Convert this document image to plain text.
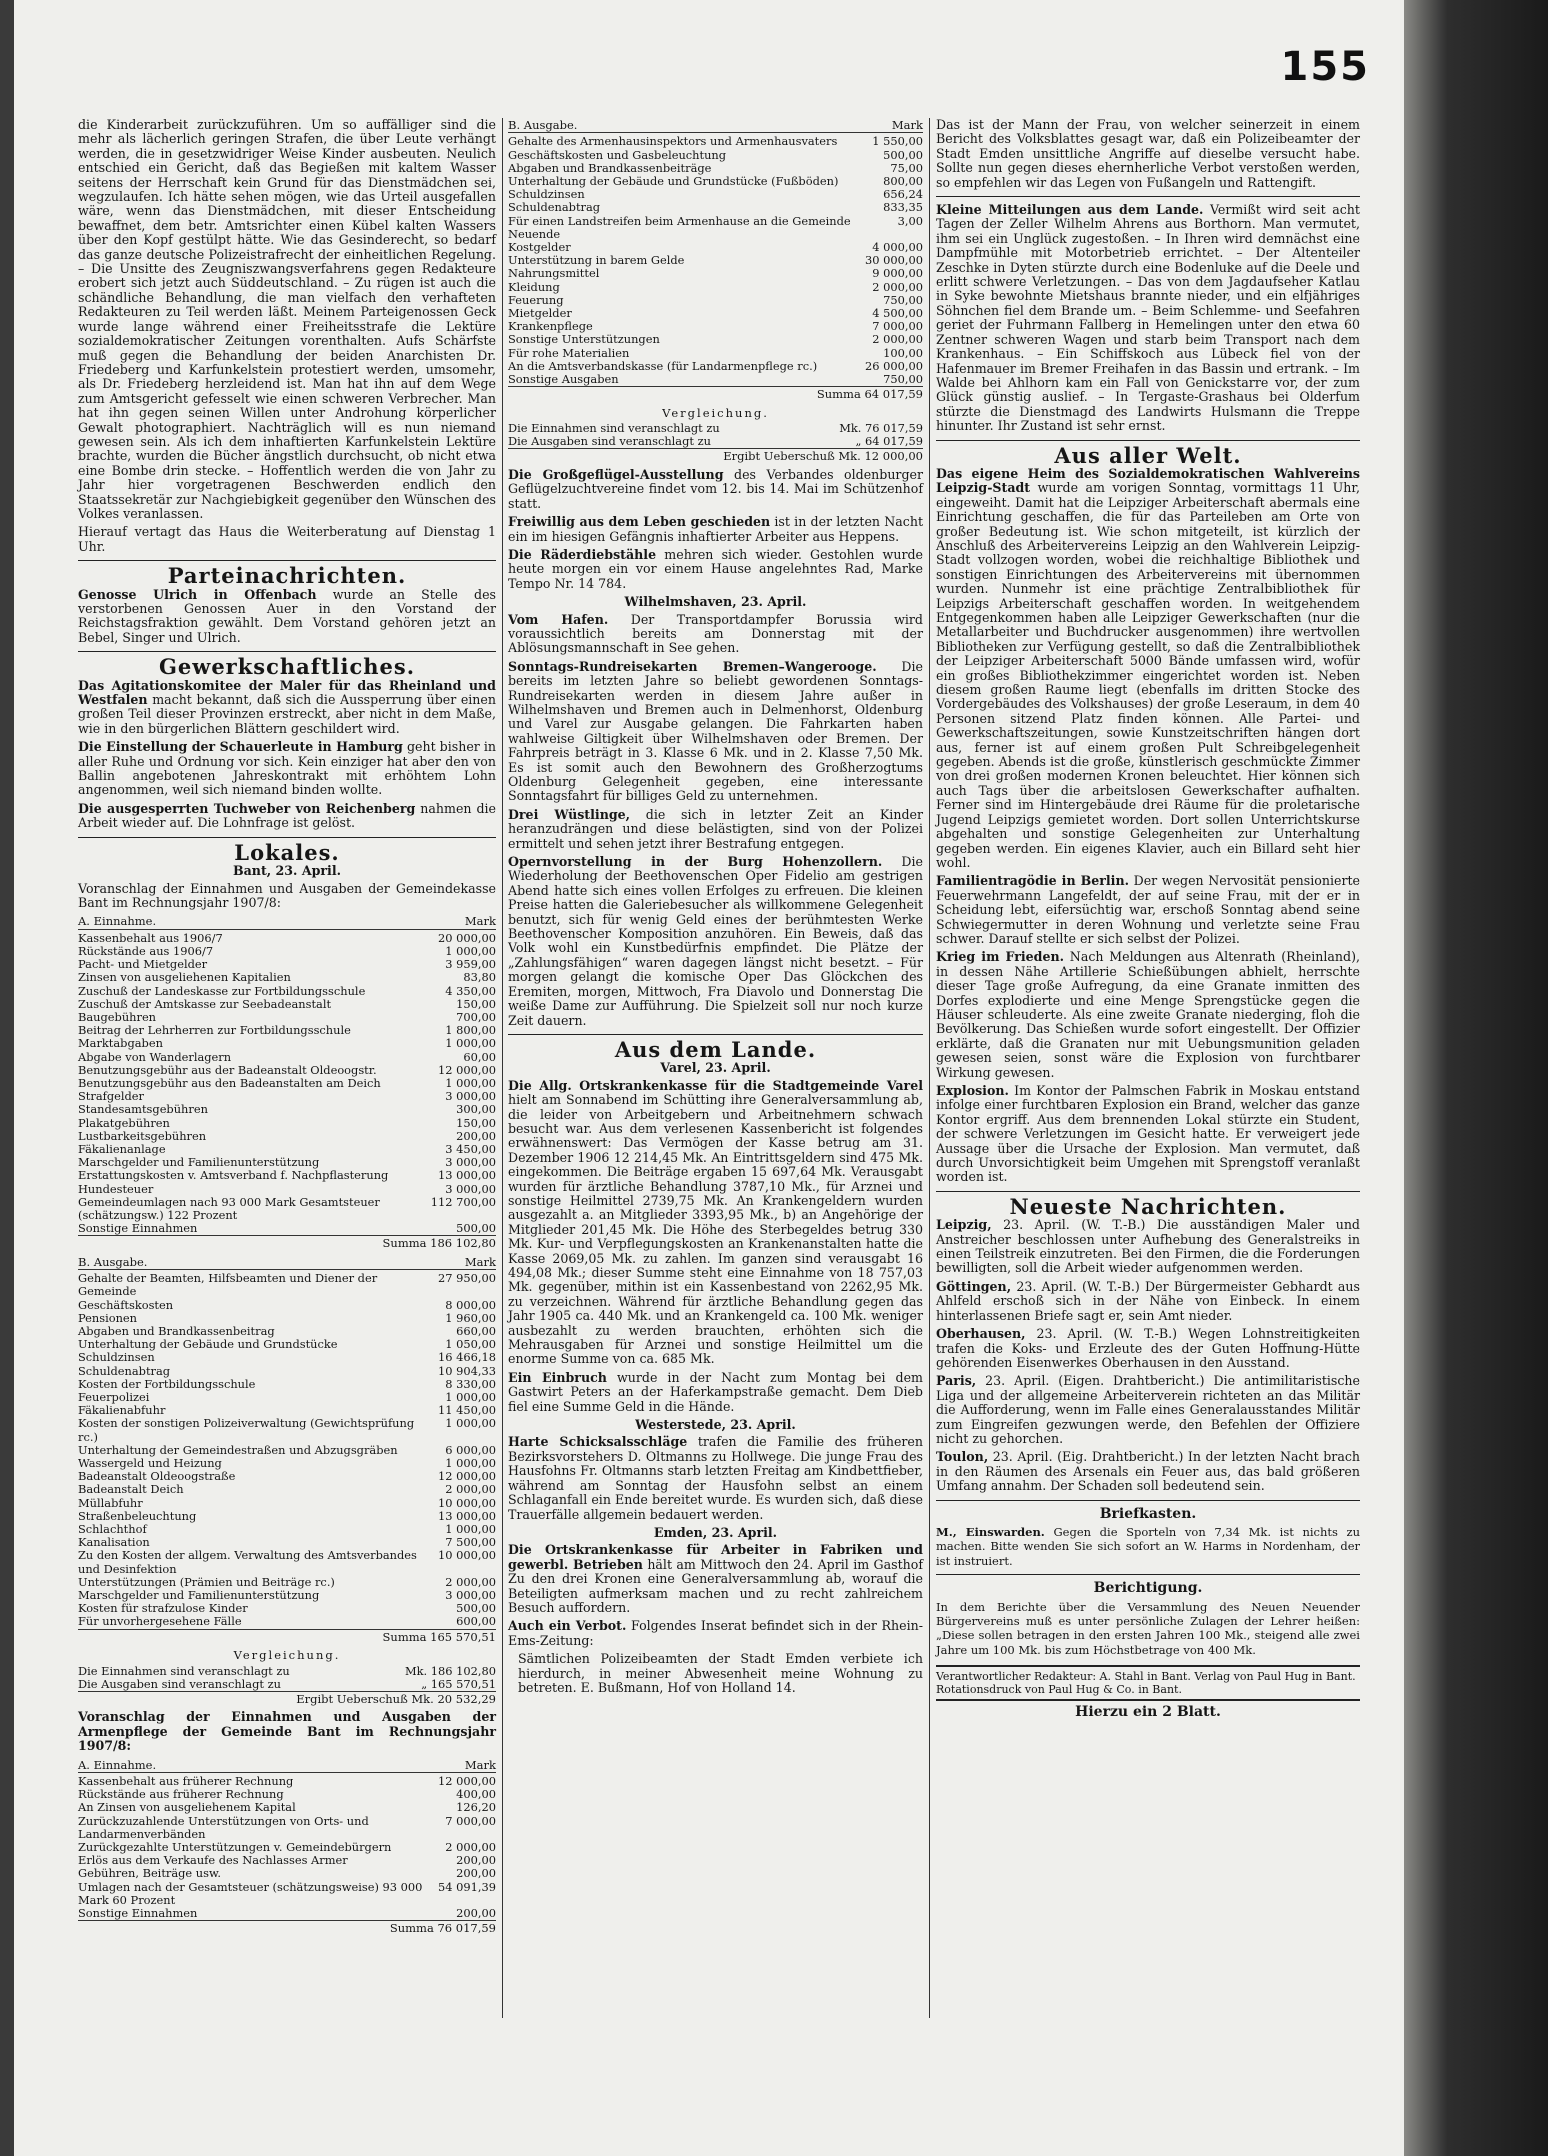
155

die Kinderarbeit zurückzuführen. Um so auffälliger sind die mehr als lächerlich geringen Strafen, die über Leute verhängt werden, die in gesetzwidriger Weise Kinder ausbeuten. Neulich entschied ein Gericht, daß das Begießen mit kaltem Wasser seitens der Herrschaft kein Grund für das Dienstmädchen sei, wegzulaufen. Ich hätte sehen mögen, wie das Urteil ausgefallen wäre, wenn das Dienstmädchen, mit dieser Entscheidung bewaffnet, dem betr. Amtsrichter einen Kübel kalten Wassers über den Kopf gestülpt hätte. Wie das Gesinderecht, so bedarf das ganze deutsche Polizeistrafrecht der einheitlichen Regelung. – Die Unsitte des Zeugniszwangsverfahrens gegen Redakteure erobert sich jetzt auch Süddeutschland. – Zu rügen ist auch die schändliche Behandlung, die man vielfach den verhafteten Redakteuren zu Teil werden läßt. Meinem Parteigenossen Geck wurde lange während einer Freiheitsstrafe die Lektüre sozialdemokratischer Zeitungen vorenthalten. Aufs Schärfste muß gegen die Behandlung der beiden Anarchisten Dr. Friedeberg und Karfunkelstein protestiert werden, umsomehr, als Dr. Friedeberg herzleidend ist. Man hat ihn auf dem Wege zum Amtsgericht gefesselt wie einen schweren Verbrecher. Man hat ihn gegen seinen Willen unter Androhung körperlicher Gewalt photographiert. Nachträglich will es nun niemand gewesen sein. Als ich dem inhaftierten Karfunkelstein Lektüre brachte, wurden die Bücher ängstlich durchsucht, ob nicht etwa eine Bombe drin stecke. – Hoffentlich werden die von Jahr zu Jahr hier vorgetragenen Beschwerden endlich den Staatssekretär zur Nachgiebigkeit gegenüber den Wünschen des Volkes veranlassen.

Hierauf vertagt das Haus die Weiterberatung auf Dienstag 1 Uhr.

Parteinachrichten.

Genosse Ulrich in Offenbach wurde an Stelle des verstorbenen Genossen Auer in den Vorstand der Reichstagsfraktion gewählt. Dem Vorstand gehören jetzt an Bebel, Singer und Ulrich.

Gewerkschaftliches.

Das Agitationskomitee der Maler für das Rheinland und Westfalen macht bekannt, daß sich die Aussperrung über einen großen Teil dieser Provinzen erstreckt, aber nicht in dem Maße, wie in den bürgerlichen Blättern geschildert wird.

Die Einstellung der Schauerleute in Hamburg geht bisher in aller Ruhe und Ordnung vor sich. Kein einziger hat aber den von Ballin angebotenen Jahreskontrakt mit erhöhtem Lohn angenommen, weil sich niemand binden wollte.

Die ausgesperrten Tuchweber von Reichenberg nahmen die Arbeit wieder auf. Die Lohnfrage ist gelöst.

Lokales.
Bant, 23. April.

Voranschlag der Einnahmen und Ausgaben der Gemeindekasse Bant im Rechnungsjahr 1907/8:

A. Einnahme.	Mark
Kassenbehalt aus 1906/7	20 000,00
Rückstände aus 1906/7	1 000,00
Pacht- und Mietgelder	3 959,00
Zinsen von ausgeliehenen Kapitalien	83,80
Zuschuß der Landeskasse zur Fortbildungsschule	4 350,00
Zuschuß der Amtskasse zur Seebadeanstalt	150,00
Baugebühren	700,00
Beitrag der Lehrherren zur Fortbildungsschule	1 800,00
Marktabgaben	1 000,00
Abgabe von Wanderlagern	60,00
Benutzungsgebühr aus der Badeanstalt Oldeoogstr.	12 000,00
Benutzungsgebühr aus den Badeanstalten am Deich	1 000,00
Strafgelder	3 000,00
Standesamtsgebühren	300,00
Plakatgebühren	150,00
Lustbarkeitsgebühren	200,00
Fäkalienanlage	3 450,00
Marschgelder und Familienunterstützung	3 000,00
Erstattungskosten v. Amtsverband f. Nachpflasterung	13 000,00
Hundesteuer	3 000,00
Gemeindeumlagen nach 93 000 Mark Gesamtsteuer (schätzungsw.) 122 Prozent	112 700,00
Sonstige Einnahmen	500,00
Summa 186 102,80
B. Ausgabe.	Mark
Gehalte der Beamten, Hilfsbeamten und Diener der Gemeinde	27 950,00
Geschäftskosten	8 000,00
Pensionen	1 960,00
Abgaben und Brandkassenbeitrag	660,00
Unterhaltung der Gebäude und Grundstücke	1 050,00
Schuldzinsen	16 466,18
Schuldenabtrag	10 904,33
Kosten der Fortbildungsschule	8 330,00
Feuerpolizei	1 000,00
Fäkalienabfuhr	11 450,00
Kosten der sonstigen Polizeiverwaltung (Gewichtsprüfung rc.)	1 000,00
Unterhaltung der Gemeindestraßen und Abzugsgräben	6 000,00
Wassergeld und Heizung	1 000,00
Badeanstalt Oldeoogstraße	12 000,00
Badeanstalt Deich	2 000,00
Müllabfuhr	10 000,00
Straßenbeleuchtung	13 000,00
Schlachthof	1 000,00
Kanalisation	7 500,00
Zu den Kosten der allgem. Verwaltung des Amtsverbandes und Desinfektion	10 000,00
Unterstützungen (Prämien und Beiträge rc.)	2 000,00
Marschgelder und Familienunterstützung	3 000,00
Kosten für strafzulose Kinder	500,00
Für unvorhergesehene Fälle	600,00
Summa 165 570,51
Vergleichung.
Die Einnahmen sind veranschlagt zu	Mk. 186 102,80
Die Ausgaben sind veranschlagt zu	„ 165 570,51
Ergibt Ueberschuß Mk. 20 532,29

Voranschlag der Einnahmen und Ausgaben der Armenpflege der Gemeinde Bant im Rechnungsjahr 1907/8:

A. Einnahme.	Mark
Kassenbehalt aus früherer Rechnung	12 000,00
Rückstände aus früherer Rechnung	400,00
An Zinsen von ausgeliehenem Kapital	126,20
Zurückzuzahlende Unterstützungen von Orts- und Landarmenverbänden	7 000,00
Zurückgezahlte Unterstützungen v. Gemeindebürgern	2 000,00
Erlös aus dem Verkaufe des Nachlasses Armer	200,00
Gebühren, Beiträge usw.	200,00
Umlagen nach der Gesamtsteuer (schätzungsweise) 93 000 Mark 60 Prozent	54 091,39
Sonstige Einnahmen	200,00
Summa 76 017,59
B. Ausgabe.	Mark
Gehalte des Armenhausinspektors und Armenhausvaters	1 550,00
Geschäftskosten und Gasbeleuchtung	500,00
Abgaben und Brandkassenbeiträge	75,00
Unterhaltung der Gebäude und Grundstücke (Fußböden)	800,00
Schuldzinsen	656,24
Schuldenabtrag	833,35
Für einen Landstreifen beim Armenhause an die Gemeinde Neuende	3,00
Kostgelder	4 000,00
Unterstützung in barem Gelde	30 000,00
Nahrungsmittel	9 000,00
Kleidung	2 000,00
Feuerung	750,00
Mietgelder	4 500,00
Krankenpflege	7 000,00
Sonstige Unterstützungen	2 000,00
Für rohe Materialien	100,00
An die Amtsverbandskasse (für Landarmenpflege rc.)	26 000,00
Sonstige Ausgaben	750,00
Summa 64 017,59
Vergleichung.
Die Einnahmen sind veranschlagt zu	Mk. 76 017,59
Die Ausgaben sind veranschlagt zu	„ 64 017,59
Ergibt Ueberschuß Mk. 12 000,00

Die Großgeflügel-Ausstellung des Verbandes oldenburger Geflügelzuchtvereine findet vom 12. bis 14. Mai im Schützenhof statt.

Freiwillig aus dem Leben geschieden ist in der letzten Nacht ein im hiesigen Gefängnis inhaftierter Arbeiter aus Heppens.

Die Räderdiebstähle mehren sich wieder. Gestohlen wurde heute morgen ein vor einem Hause angelehntes Rad, Marke Tempo Nr. 14 784.

Wilhelmshaven, 23. April.

Vom Hafen. Der Transportdampfer Borussia wird voraussichtlich bereits am Donnerstag mit der Ablösungsmannschaft in See gehen.

Sonntags-Rundreisekarten Bremen–Wangerooge. Die bereits im letzten Jahre so beliebt gewordenen Sonntags-Rundreisekarten werden in diesem Jahre außer in Wilhelmshaven und Bremen auch in Delmenhorst, Oldenburg und Varel zur Ausgabe gelangen. Die Fahrkarten haben wahlweise Giltigkeit über Wilhelmshaven oder Bremen. Der Fahrpreis beträgt in 3. Klasse 6 Mk. und in 2. Klasse 7,50 Mk. Es ist somit auch den Bewohnern des Großherzogtums Oldenburg Gelegenheit gegeben, eine interessante Sonntagsfahrt für billiges Geld zu unternehmen.

Drei Wüstlinge, die sich in letzter Zeit an Kinder heranzudrängen und diese belästigten, sind von der Polizei ermittelt und sehen jetzt ihrer Bestrafung entgegen.

Opernvorstellung in der Burg Hohenzollern. Die Wiederholung der Beethovenschen Oper Fidelio am gestrigen Abend hatte sich eines vollen Erfolges zu erfreuen. Die kleinen Preise hatten die Galeriebesucher als willkommene Gelegenheit benutzt, sich für wenig Geld eines der berühmtesten Werke Beethovenscher Komposition anzuhören. Ein Beweis, daß das Volk wohl ein Kunstbedürfnis empfindet. Die Plätze der „Zahlungsfähigen“ waren dagegen längst nicht besetzt. – Für morgen gelangt die komische Oper Das Glöckchen des Eremiten, morgen, Mittwoch, Fra Diavolo und Donnerstag Die weiße Dame zur Aufführung. Die Spielzeit soll nur noch kurze Zeit dauern.

Aus dem Lande.
Varel, 23. April.

Die Allg. Ortskrankenkasse für die Stadtgemeinde Varel hielt am Sonnabend im Schütting ihre Generalversammlung ab, die leider von Arbeitgebern und Arbeitnehmern schwach besucht war. Aus dem verlesenen Kassenbericht ist folgendes erwähnenswert: Das Vermögen der Kasse betrug am 31. Dezember 1906 12 214,45 Mk. An Eintrittsgeldern sind 475 Mk. eingekommen. Die Beiträge ergaben 15 697,64 Mk. Verausgabt wurden für ärztliche Behandlung 3787,10 Mk., für Arznei und sonstige Heilmittel 2739,75 Mk. An Krankengeldern wurden ausgezahlt a. an Mitglieder 3393,95 Mk., b) an Angehörige der Mitglieder 201,45 Mk. Die Höhe des Sterbegeldes betrug 330 Mk. Kur- und Verpflegungskosten an Krankenanstalten hatte die Kasse 2069,05 Mk. zu zahlen. Im ganzen sind verausgabt 16 494,08 Mk.; dieser Summe steht eine Einnahme von 18 757,03 Mk. gegenüber, mithin ist ein Kassenbestand von 2262,95 Mk. zu verzeichnen. Während für ärztliche Behandlung gegen das Jahr 1905 ca. 440 Mk. und an Krankengeld ca. 100 Mk. weniger ausbezahlt zu werden brauchten, erhöhten sich die Mehrausgaben für Arznei und sonstige Heilmittel um die enorme Summe von ca. 685 Mk.

Ein Einbruch wurde in der Nacht zum Montag bei dem Gastwirt Peters an der Haferkampstraße gemacht. Dem Dieb fiel eine Summe Geld in die Hände.

Westerstede, 23. April.

Harte Schicksalsschläge trafen die Familie des früheren Bezirksvorstehers D. Oltmanns zu Hollwege. Die junge Frau des Hausfohns Fr. Oltmanns starb letzten Freitag am Kindbettfieber, während am Sonntag der Hausfohn selbst an einem Schlaganfall ein Ende bereitet wurde. Es wurden sich, daß diese Trauerfälle allgemein bedauert werden.

Emden, 23. April.

Die Ortskrankenkasse für Arbeiter in Fabriken und gewerbl. Betrieben hält am Mittwoch den 24. April im Gasthof Zu den drei Kronen eine Generalversammlung ab, worauf die Beteiligten aufmerksam machen und zu recht zahlreichem Besuch auffordern.

Auch ein Verbot. Folgendes Inserat befindet sich in der Rhein-Ems-Zeitung:

Sämtlichen Polizeibeamten der Stadt Emden verbiete ich hierdurch, in meiner Abwesenheit meine Wohnung zu betreten. E. Bußmann, Hof von Holland 14.

Das ist der Mann der Frau, von welcher seinerzeit in einem Bericht des Volksblattes gesagt war, daß ein Polizeibeamter der Stadt Emden unsittliche Angriffe auf dieselbe versucht habe. Sollte nun gegen dieses ehernherliche Verbot verstoßen werden, so empfehlen wir das Legen von Fußangeln und Rattengift.

Kleine Mitteilungen aus dem Lande. Vermißt wird seit acht Tagen der Zeller Wilhelm Ahrens aus Borthorn. Man vermutet, ihm sei ein Unglück zugestoßen. – In Ihren wird demnächst eine Dampfmühle mit Motorbetrieb errichtet. – Der Altenteiler Zeschke in Dyten stürzte durch eine Bodenluke auf die Deele und erlitt schwere Verletzungen. – Das von dem Jagdaufseher Katlau in Syke bewohnte Mietshaus brannte nieder, und ein elfjähriges Söhnchen fiel dem Brande um. – Beim Schlemme- und Seefahren geriet der Fuhrmann Fallberg in Hemelingen unter den etwa 60 Zentner schweren Wagen und starb beim Transport nach dem Krankenhaus. – Ein Schiffskoch aus Lübeck fiel von der Hafenmauer im Bremer Freihafen in das Bassin und ertrank. – Im Walde bei Ahlhorn kam ein Fall von Genickstarre vor, der zum Glück günstig auslief. – In Tergaste-Grashaus bei Olderfum stürzte die Dienstmagd des Landwirts Hulsmann die Treppe hinunter. Ihr Zustand ist sehr ernst.

Aus aller Welt.

Das eigene Heim des Sozialdemokratischen Wahlvereins Leipzig-Stadt wurde am vorigen Sonntag, vormittags 11 Uhr, eingeweiht. Damit hat die Leipziger Arbeiterschaft abermals eine Einrichtung geschaffen, die für das Parteileben am Orte von großer Bedeutung ist. Wie schon mitgeteilt, ist kürzlich der Anschluß des Arbeitervereins Leipzig an den Wahlverein Leipzig-Stadt vollzogen worden, wobei die reichhaltige Bibliothek und sonstigen Einrichtungen des Arbeitervereins mit übernommen wurden. Nunmehr ist eine prächtige Zentralbibliothek für Leipzigs Arbeiterschaft geschaffen worden. In weitgehendem Entgegenkommen haben alle Leipziger Gewerkschaften (nur die Metallarbeiter und Buchdrucker ausgenommen) ihre wertvollen Bibliotheken zur Verfügung gestellt, so daß die Zentralbibliothek der Leipziger Arbeiterschaft 5000 Bände umfassen wird, wofür ein großes Bibliothekzimmer eingerichtet worden ist. Neben diesem großen Raume liegt (ebenfalls im dritten Stocke des Vordergebäudes des Volkshauses) der große Leseraum, in dem 40 Personen sitzend Platz finden können. Alle Partei- und Gewerkschaftszeitungen, sowie Kunstzeitschriften hängen dort aus, ferner ist auf einem großen Pult Schreibgelegenheit gegeben. Abends ist die große, künstlerisch geschmückte Zimmer von drei großen modernen Kronen beleuchtet. Hier können sich auch Tags über die arbeitslosen Gewerkschafter aufhalten. Ferner sind im Hintergebäude drei Räume für die proletarische Jugend Leipzigs gemietet worden. Dort sollen Unterrichtskurse abgehalten und sonstige Gelegenheiten zur Unterhaltung gegeben werden. Ein eigenes Klavier, auch ein Billard seht hier wohl.

Familientragödie in Berlin. Der wegen Nervosität pensionierte Feuerwehrmann Langefeldt, der auf seine Frau, mit der er in Scheidung lebt, eifersüchtig war, erschoß Sonntag abend seine Schwiegermutter in deren Wohnung und verletzte seine Frau schwer. Darauf stellte er sich selbst der Polizei.

Krieg im Frieden. Nach Meldungen aus Altenrath (Rheinland), in dessen Nähe Artillerie Schießübungen abhielt, herrschte dieser Tage große Aufregung, da eine Granate inmitten des Dorfes explodierte und eine Menge Sprengstücke gegen die Häuser schleuderte. Als eine zweite Granate niederging, floh die Bevölkerung. Das Schießen wurde sofort eingestellt. Der Offizier erklärte, daß die Granaten nur mit Uebungsmunition geladen gewesen seien, sonst wäre die Explosion von furchtbarer Wirkung gewesen.

Explosion. Im Kontor der Palmschen Fabrik in Moskau entstand infolge einer furchtbaren Explosion ein Brand, welcher das ganze Kontor ergriff. Aus dem brennenden Lokal stürzte ein Student, der schwere Verletzungen im Gesicht hatte. Er verweigert jede Aussage über die Ursache der Explosion. Man vermutet, daß durch Unvorsichtigkeit beim Umgehen mit Sprengstoff veranlaßt worden ist.

Neueste Nachrichten.

Leipzig, 23. April. (W. T.-B.) Die ausständigen Maler und Anstreicher beschlossen unter Aufhebung des Generalstreiks in einen Teilstreik einzutreten. Bei den Firmen, die die Forderungen bewilligten, soll die Arbeit wieder aufgenommen werden.

Göttingen, 23. April. (W. T.-B.) Der Bürgermeister Gebhardt aus Ahlfeld erschoß sich in der Nähe von Einbeck. In einem hinterlassenen Briefe sagt er, sein Amt nieder.

Oberhausen, 23. April. (W. T.-B.) Wegen Lohnstreitigkeiten trafen die Koks- und Erzleute des der Guten Hoffnung-Hütte gehörenden Eisenwerkes Oberhausen in den Ausstand.

Paris, 23. April. (Eigen. Drahtbericht.) Die antimilitaristische Liga und der allgemeine Arbeiterverein richteten an das Militär die Aufforderung, wenn im Falle eines Generalausstandes Militär zum Eingreifen gezwungen werde, den Befehlen der Offiziere nicht zu gehorchen.

Toulon, 23. April. (Eig. Drahtbericht.) In der letzten Nacht brach in den Räumen des Arsenals ein Feuer aus, das bald größeren Umfang annahm. Der Schaden soll bedeutend sein.

Briefkasten.

M., Einswarden. Gegen die Sporteln von 7,34 Mk. ist nichts zu machen. Bitte wenden Sie sich sofort an W. Harms in Nordenham, der ist instruiert.

Berichtigung.

In dem Berichte über die Versammlung des Neuen Neuender Bürgervereins muß es unter persönliche Zulagen der Lehrer heißen: „Diese sollen betragen in den ersten Jahren 100 Mk., steigend alle zwei Jahre um 100 Mk. bis zum Höchstbetrage von 400 Mk.

Verantwortlicher Redakteur: A. Stahl in Bant. Verlag von Paul Hug in Bant. Rotationsdruck von Paul Hug & Co. in Bant.
Hierzu ein 2 Blatt.
